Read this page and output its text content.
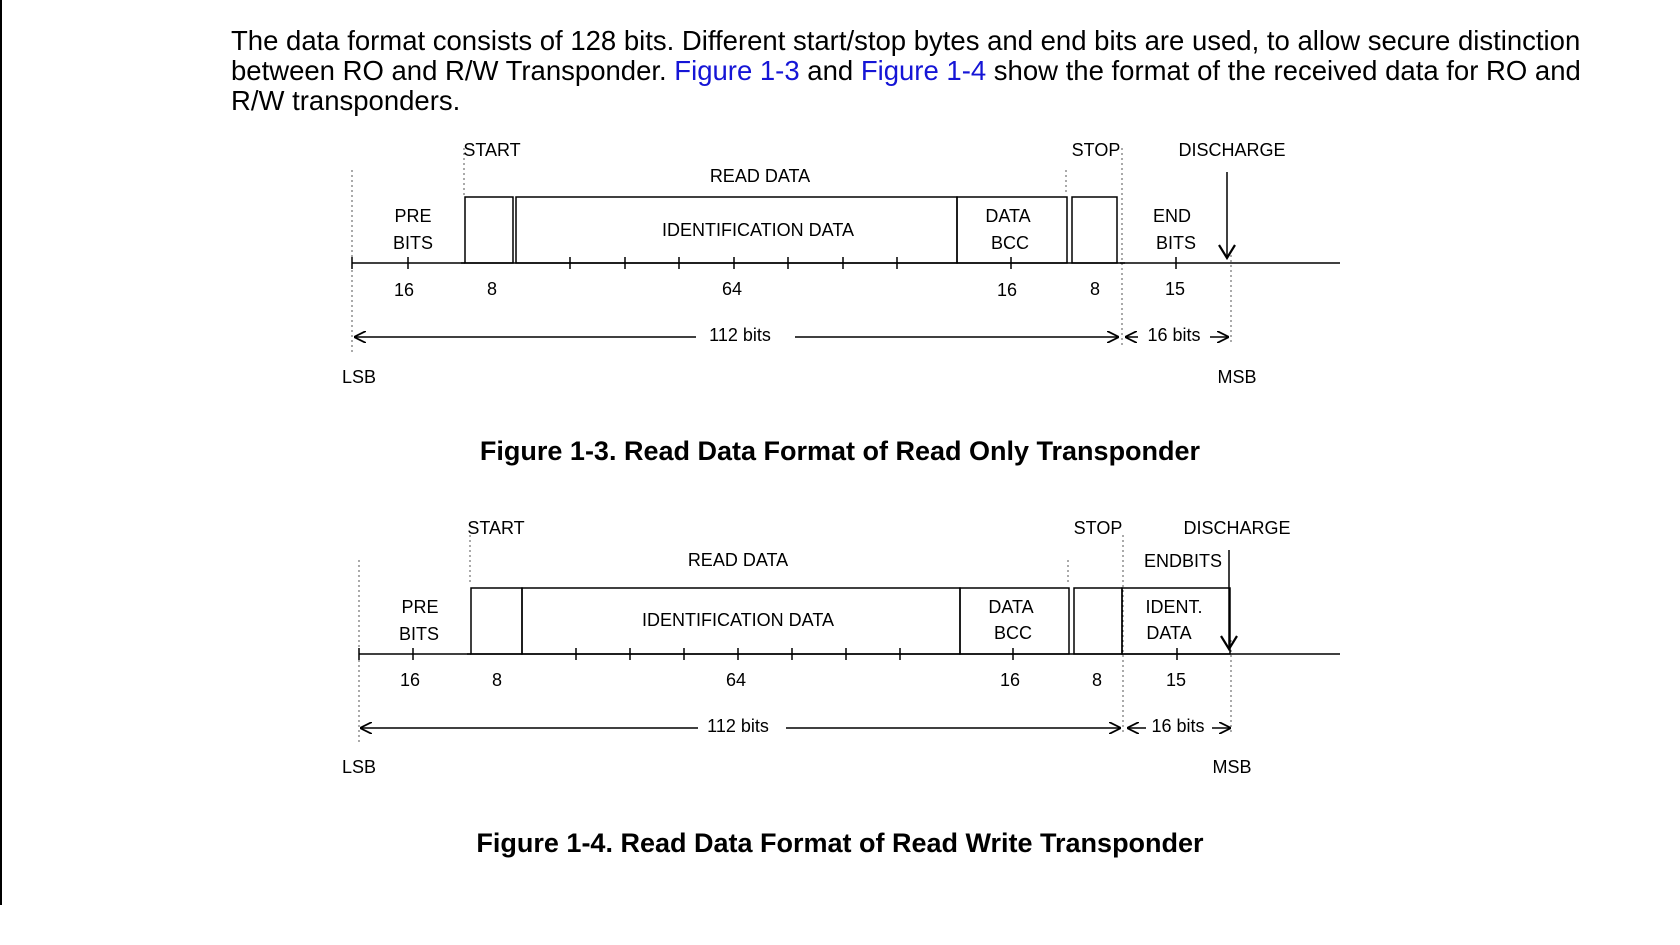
The data format consists of 128 bits. Different start/stop bytes and end bits are used, to allow secure distinction between RO and R/W Transponder. Figure 1-3 and Figure 1-4 show the format of the received data for RO and R/W transponders.

START	STOP	DISCHARGE
READ DATA
PRE
BITS
IDENTIFICATION DATA
DATA
BCC
END
BITS
16	8	64	16	8	15
112 bits	16 bits
LSB	MSB
Figure 1-3. Read Data Format of Read Only Transponder
START	STOP	DISCHARGE
ENDBITS
READ DATA
PRE
BITS
IDENTIFICATION DATA
DATA
BCC
IDENT.
DATA
16	8	64	16	8	15
112 bits	16 bits
LSB	MSB
Figure 1-4. Read Data Format of Read Write Transponder
